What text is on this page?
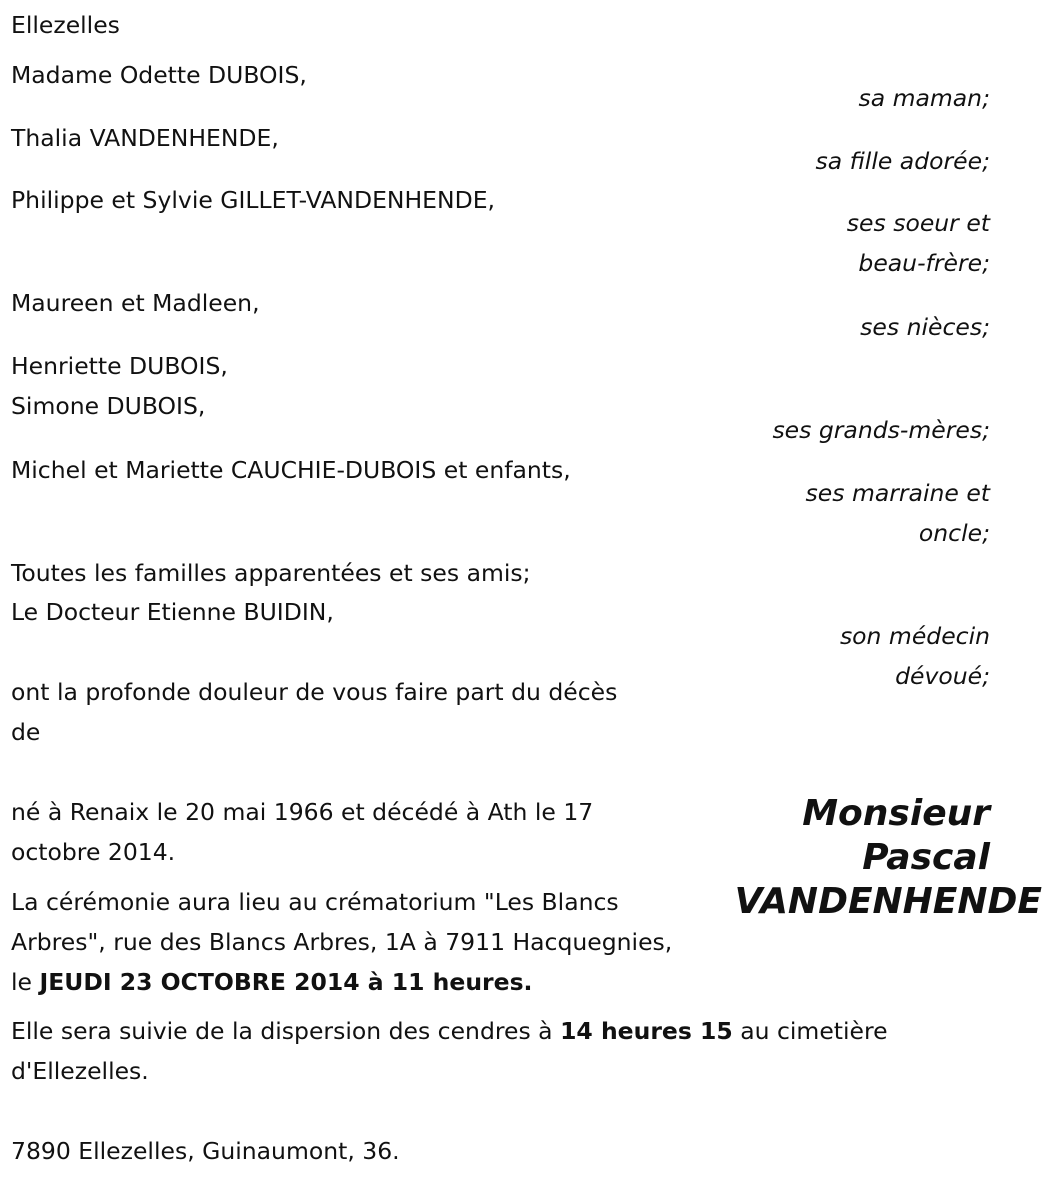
Ellezelles
Madame Odette DUBOIS,
sa maman;
Thalia VANDENHENDE,
sa fille adorée;
Philippe et Sylvie GILLET-VANDENHENDE,
ses soeur et
beau-frère;
Maureen et Madleen,
ses nièces;
Henriette DUBOIS,
Simone DUBOIS,
ses grands-mères;
Michel et Mariette CAUCHIE-DUBOIS et enfants,
ses marraine et
oncle;
Toutes les familles apparentées et ses amis;
Le Docteur Etienne BUIDIN,
son médecin
dévoué;
ont la profonde douleur de vous faire part du décès
de
Monsieur
Pascal
VANDENHENDE
né à Renaix le 20 mai 1966 et décédé à Ath le 17
octobre 2014.
La cérémonie aura lieu au crématorium "Les Blancs
Arbres", rue des Blancs Arbres, 1A à 7911 Hacquegnies,
le JEUDI 23 OCTOBRE 2014 à 11 heures.
Elle sera suivie de la dispersion des cendres à 14 heures 15 au cimetière
d'Ellezelles.
7890 Ellezelles, Guinaumont, 36.
